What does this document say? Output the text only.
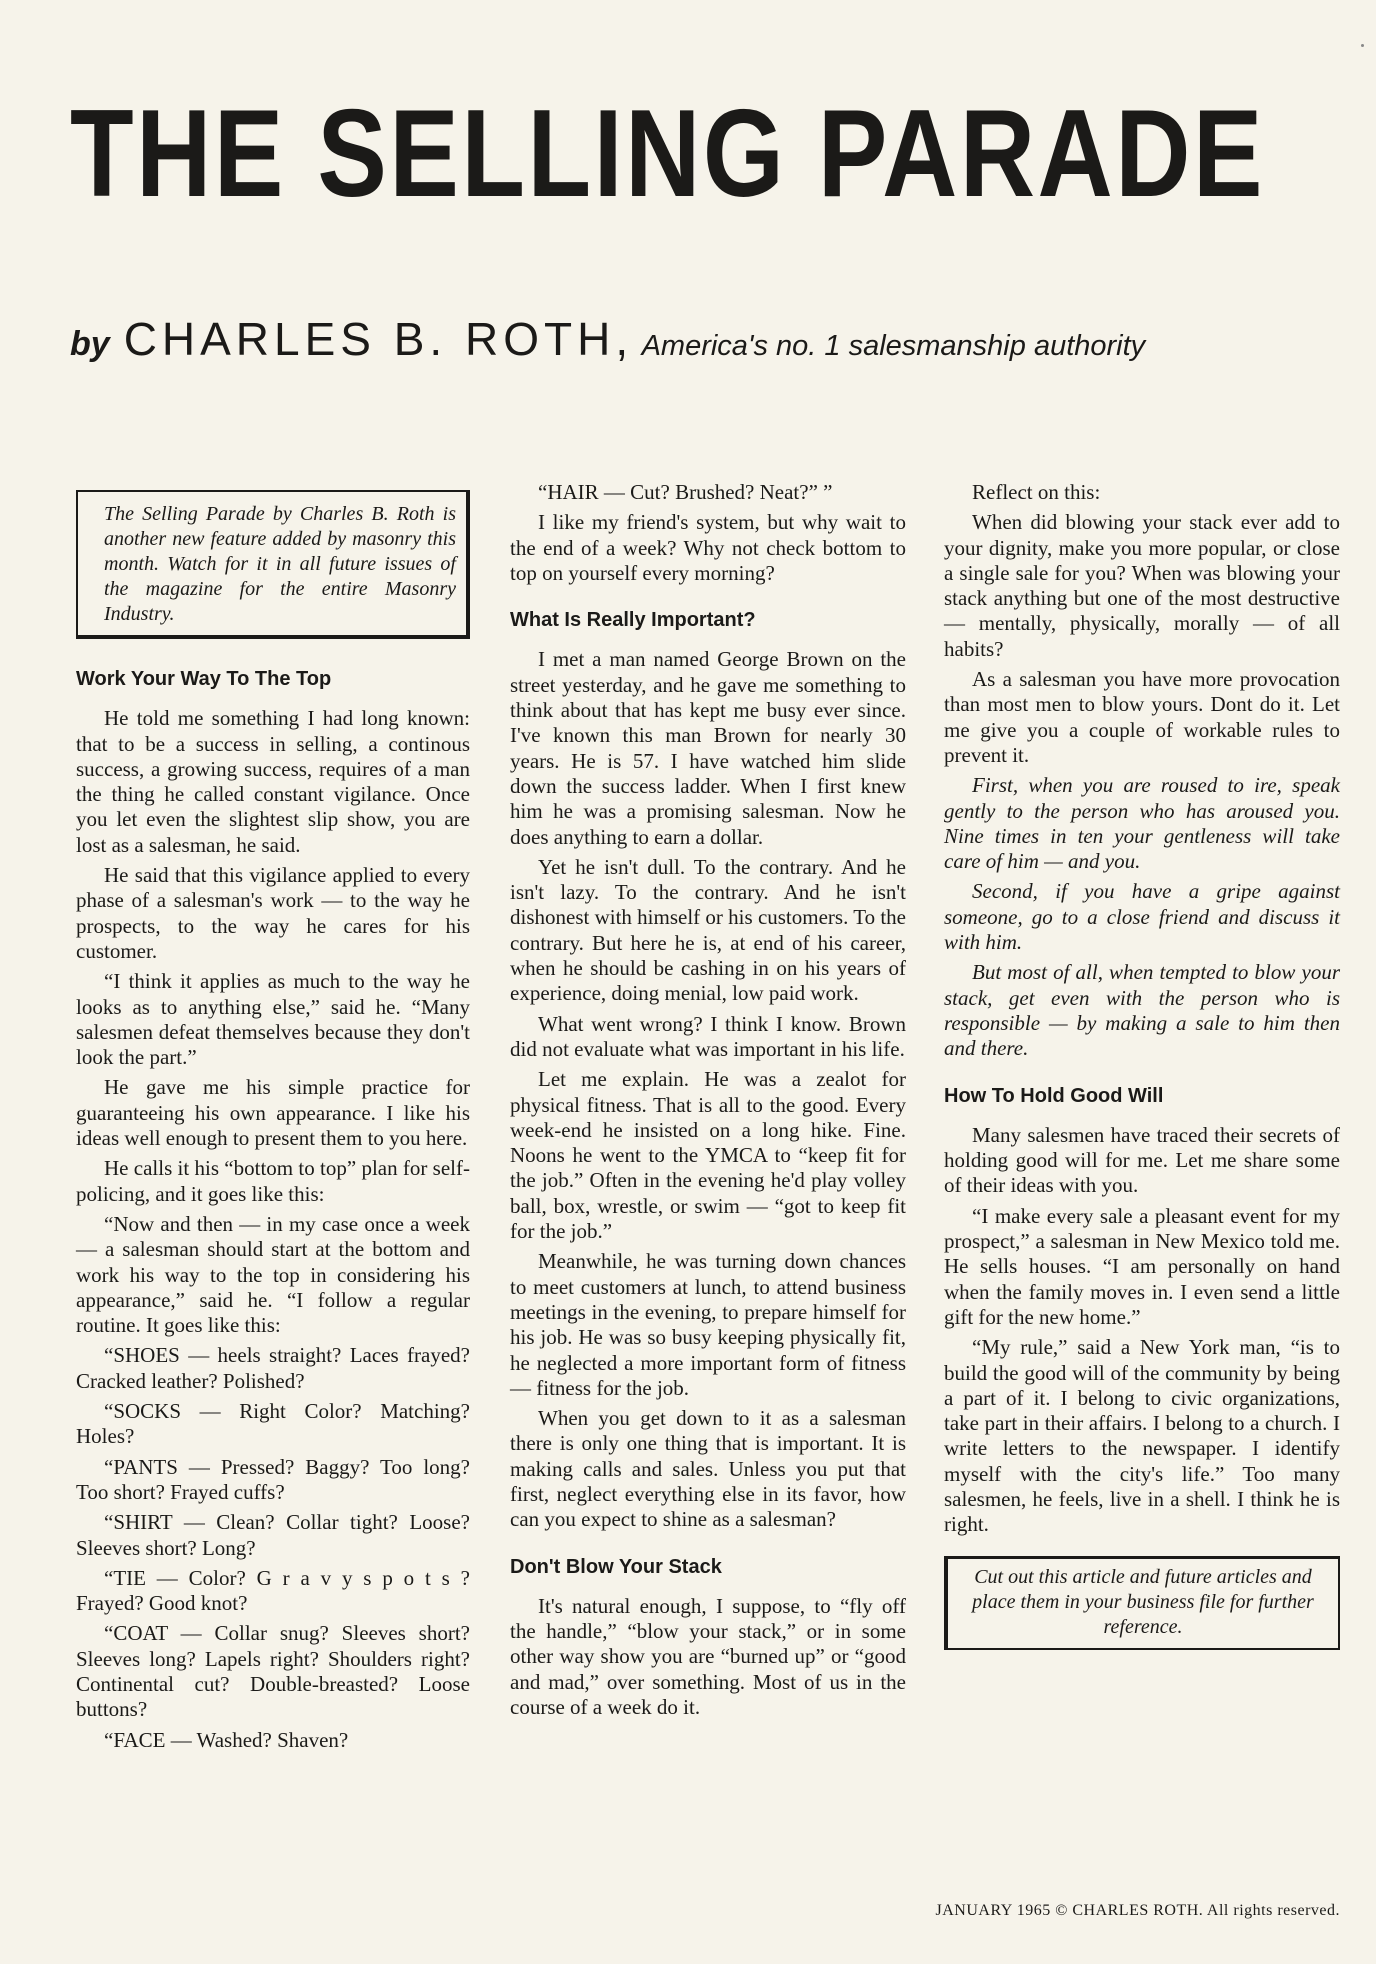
THE SELLING PARADE
by CHARLES B. ROTH, America's no. 1 salesmanship authority
The Selling Parade by Charles B. Roth is another new feature added by masonry this month. Watch for it in all future issues of the magazine for the entire Masonry Industry.
Work Your Way To The Top

He told me something I had long known: that to be a success in selling, a continous success, a growing success, requires of a man the thing he called constant vigilance. Once you let even the slightest slip show, you are lost as a salesman, he said.

He said that this vigilance applied to every phase of a salesman's work — to the way he prospects, to the way he cares for his customer.

“I think it applies as much to the way he looks as to anything else,” said he. “Many salesmen defeat themselves because they don't look the part.”

He gave me his simple practice for guaranteeing his own appearance. I like his ideas well enough to present them to you here.

He calls it his “bottom to top” plan for self-policing, and it goes like this:

“Now and then — in my case once a week — a salesman should start at the bottom and work his way to the top in considering his appearance,” said he. “I follow a regular routine. It goes like this:

“SHOES — heels straight? Laces frayed? Cracked leather? Polished?

“SOCKS — Right Color? Matching? Holes?

“PANTS — Pressed? Baggy? Too long? Too short? Frayed cuffs?

“SHIRT — Clean? Collar tight? Loose? Sleeves short? Long?

“TIE — Color? G r a v y s p o t s ? Frayed? Good knot?

“COAT — Collar snug? Sleeves short? Sleeves long? Lapels right? Shoulders right? Continental cut? Double-breasted? Loose buttons?

“FACE — Washed? Shaven?

“HAIR — Cut? Brushed? Neat?” ”

I like my friend's system, but why wait to the end of a week? Why not check bottom to top on yourself every morning?

What Is Really Important?

I met a man named George Brown on the street yesterday, and he gave me something to think about that has kept me busy ever since. I've known this man Brown for nearly 30 years. He is 57. I have watched him slide down the success ladder. When I first knew him he was a promising salesman. Now he does anything to earn a dollar.

Yet he isn't dull. To the contrary. And he isn't lazy. To the contrary. And he isn't dishonest with himself or his customers. To the contrary. But here he is, at end of his career, when he should be cashing in on his years of experience, doing menial, low paid work.

What went wrong? I think I know. Brown did not evaluate what was important in his life.

Let me explain. He was a zealot for physical fitness. That is all to the good. Every week-end he insisted on a long hike. Fine. Noons he went to the YMCA to “keep fit for the job.” Often in the evening he'd play volley ball, box, wrestle, or swim — “got to keep fit for the job.”

Meanwhile, he was turning down chances to meet customers at lunch, to attend business meetings in the evening, to prepare himself for his job. He was so busy keeping physically fit, he neglected a more important form of fitness — fitness for the job.

When you get down to it as a salesman there is only one thing that is important. It is making calls and sales. Unless you put that first, neglect everything else in its favor, how can you expect to shine as a salesman?

Don't Blow Your Stack

It's natural enough, I suppose, to “fly off the handle,” “blow your stack,” or in some other way show you are “burned up” or “good and mad,” over something. Most of us in the course of a week do it.

Reflect on this:

When did blowing your stack ever add to your dignity, make you more popular, or close a single sale for you? When was blowing your stack anything but one of the most destructive — mentally, physically, morally — of all habits?

As a salesman you have more provocation than most men to blow yours. Dont do it. Let me give you a couple of workable rules to prevent it.

First, when you are roused to ire, speak gently to the person who has aroused you. Nine times in ten your gentleness will take care of him — and you.

Second, if you have a gripe against someone, go to a close friend and discuss it with him.

But most of all, when tempted to blow your stack, get even with the person who is responsible — by making a sale to him then and there.

How To Hold Good Will

Many salesmen have traced their secrets of holding good will for me. Let me share some of their ideas with you.

“I make every sale a pleasant event for my prospect,” a salesman in New Mexico told me. He sells houses. “I am personally on hand when the family moves in. I even send a little gift for the new home.”

“My rule,” said a New York man, “is to build the good will of the community by being a part of it. I belong to civic organizations, take part in their affairs. I belong to a church. I write letters to the newspaper. I identify myself with the city's life.” Too many salesmen, he feels, live in a shell. I think he is right.

Cut out this article and future articles and place them in your business file for further reference.
JANUARY 1965 © CHARLES ROTH. All rights reserved.
